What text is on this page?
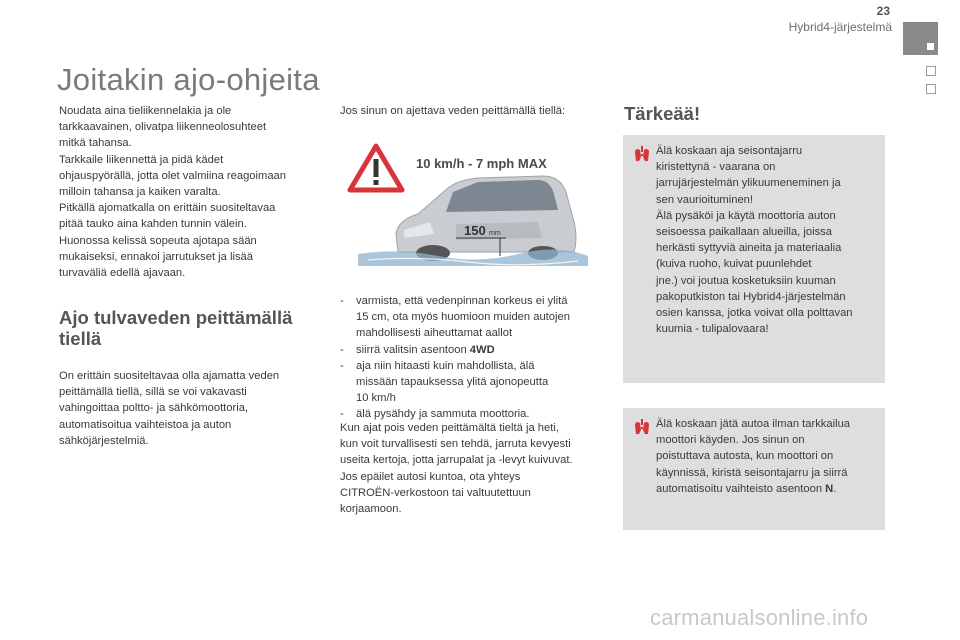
23
Hybrid4-järjestelmä
Joitakin ajo-ohjeita
Noudata aina tieliikennelakia ja ole
tarkkaavainen, olivatpa liikenneolosuhteet
mitkä tahansa.
Tarkkaile liikennettä ja pidä kädet
ohjauspyörällä, jotta olet valmiina reagoimaan
milloin tahansa ja kaiken varalta.
Pitkällä ajomatkalla on erittäin suositeltavaa
pitää tauko aina kahden tunnin välein.
Huonossa kelissä sopeuta ajotapa sään
mukaiseksi, ennakoi jarrutukset ja lisää
turvaväliä edellä ajavaan.
Ajo tulvaveden peittämällä tiellä
On erittäin suositeltavaa olla ajamatta veden
peittämällä tiellä, sillä se voi vakavasti
vahingoittaa poltto- ja sähkömoottoria,
automatisoitua vaihteistoa ja auton
sähköjärjestelmiä.
Jos sinun on ajettava veden peittämällä tiellä:
10 km/h - 7 mph MAX
150 mm
- varmista, että vedenpinnan korkeus ei ylitä
15 cm, ota myös huomioon muiden autojen
mahdollisesti aiheuttamat aallot
- siirrä valitsin asentoon 4WD
- aja niin hitaasti kuin mahdollista, älä
missään tapauksessa ylitä ajonopeutta
10 km/h
- älä pysähdy ja sammuta moottoria.
Kun ajat pois veden peittämältä tieltä ja heti,
kun voit turvallisesti sen tehdä, jarruta kevyesti
useita kertoja, jotta jarrupalat ja -levyt kuivuvat.
Jos epäilet autosi kuntoa, ota yhteys
CITROËN-verkostoon tai valtuutettuun
korjaamoon.
Tärkeää!
Älä koskaan aja seisontajarru
kiristettynä - vaarana on
jarrujärjestelmän ylikuumeneminen ja
sen vaurioituminen!
Älä pysäköi ja käytä moottoria auton
seisoessa paikallaan alueilla, joissa
herkästi syttyviä aineita ja materiaalia
(kuiva ruoho, kuivat puunlehdet
jne.) voi joutua kosketuksiin kuuman
pakoputkiston tai Hybrid4-järjestelmän
osien kanssa, jotka voivat olla polttavan
kuumia - tulipalovaara!
Älä koskaan jätä autoa ilman tarkkailua
moottori käyden. Jos sinun on
poistuttava autosta, kun moottori on
käynnissä, kiristä seisontajarru ja siirrä
automatisoitu vaihteisto asentoon N.
carmanualsonline.info
